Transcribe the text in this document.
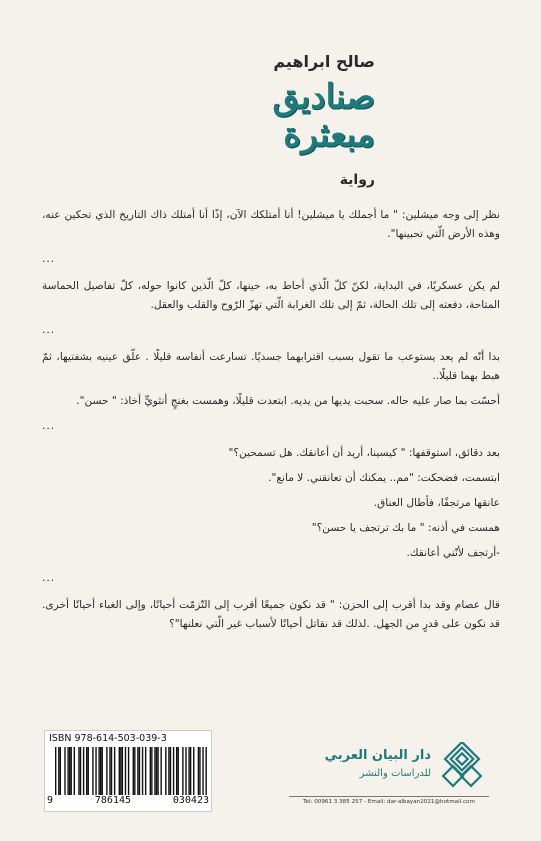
صالح ابراهيم
صناديق
مبعثرة
رواية

نظر إلى وجه ميشلين: " ما أجملك يا ميشلين! أنا أمتلكك الآن، إذًا أنا أمتلك ذاك التاريخ الذي تحكين عنه، وهذه الأرض الّتي تحبينها".

...

لم يكن عسكريًا، في البداية، لكنّ كلّ الّذي أحاط به، حينها، كلّ الّذين كانوا حوله، كلّ تفاصيل الحماسة المتاحة، دفعته إلى تلك الحالة، ثمّ إلى تلك الغرابة الّتي تهزّ الرّوح والقلب والعقل.

...

بدا أنّه لم يعد يستوعب ما تقول بسبب اقترابهما جسديًا. تسارعت أنفاسه قليلًا . علّق عينيه بشفتيها، ثمّ هبط بهما قليلًا..

أحسّت بما صار عليه حاله. سحبت يديها من يديه. ابتعدت قليلًا، وهمست بغنجٍ أنثويٍّ أخاذ: " حسن".

...

بعد دقائق، استوقفها: " كيسينا، أريد أن أعانقك. هل تسمحين؟"

ابتسمت، فضحكت: "مم.. يمكنك أن تعانقني. لا مانع".

عانقها مرتجفًا، فأطال العناق.

همست في أذنه: " ما بك ترتجف يا حسن؟"

-أرتجف لأنّني أعانقك.

...

قال عصام وقد بدا أقرب إلى الحزن: " قد نكون جميعًا أقرب إلى التّزمّت أحيانًا، وإلى الغباء أحيانًا أخرى. قد نكون على قدرٍ من الجهل. .لذلك قد نقاتل أحيانًا لأسباب غير الّتي نعلنها"؟

ISBN 978-614-503-039-3
9	786145	030423
دار البيان العربي
للدراسات والنشر
Tel: 00961 3 385 257 - Email: dar-albayan2021@hotmail.com
